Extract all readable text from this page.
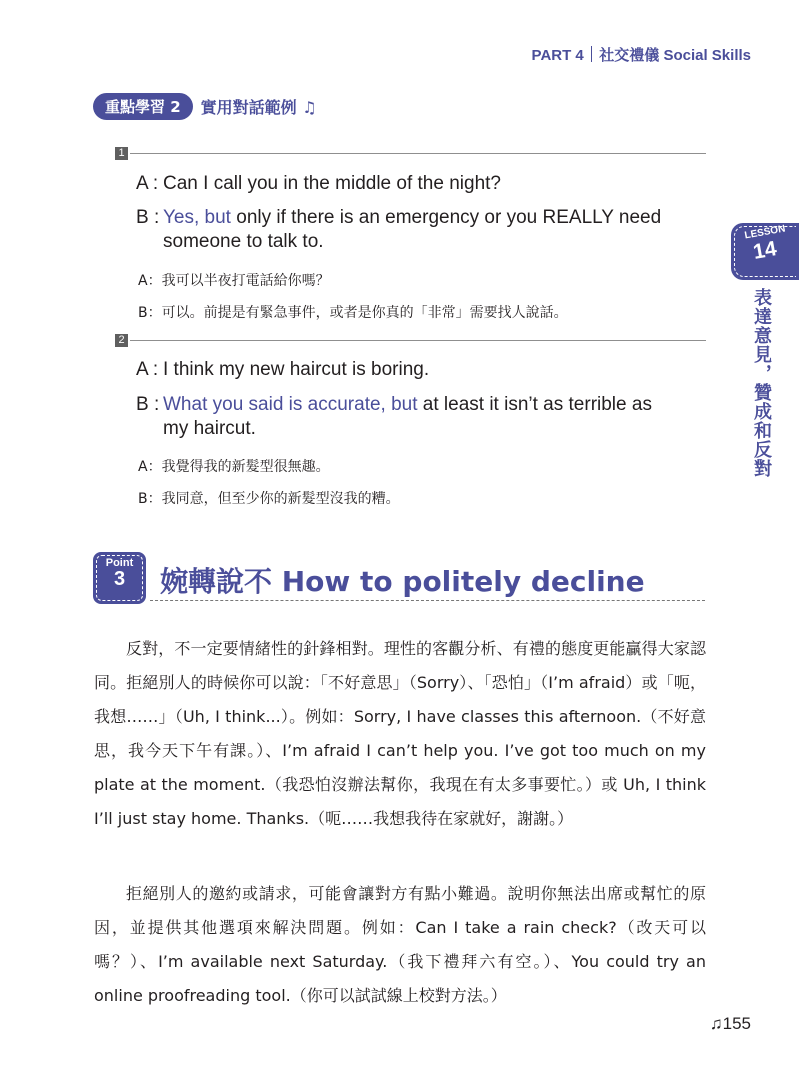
PART 4 社交禮儀 Social Skills
重點學習 2	實用對話範例 ♫
1
A : Can I call you in the middle of the night?
B : Yes, but only if there is an emergency or you REALLY need
someone to talk to.
A：我可以半夜打電話給你嗎？
B：可以。前提是有緊急事件，或者是你真的「非常」需要找人說話。
2
A : I think my new haircut is boring.
B : What you said is accurate, but at least it isn’t as terrible as
my haircut.
A：我覺得我的新髮型很無趣。
B：我同意，但至少你的新髮型沒我的糟。
LESSON
14
表達意見，贊成和反對
Point
3	婉轉說不 How to politely decline

反對，不一定要情緒性的針鋒相對。理性的客觀分析、有禮的態度更能贏得大家認同。拒絕別人的時候你可以說：「不好意思」（Sorry）、「恐怕」（I’m afraid）或「呃，我想……」（Uh, I think...）。例如：Sorry, I have classes this afternoon.（不好意思，我今天下午有課。）、I’m afraid I can’t help you. I’ve got too much on my plate at the moment.（我恐怕沒辦法幫你，我現在有太多事要忙。）或 Uh, I think I’ll just stay home. Thanks.（呃……我想我待在家就好，謝謝。）

拒絕別人的邀約或請求，可能會讓對方有點小難過。說明你無法出席或幫忙的原因，並提供其他選項來解決問題。例如：Can I take a rain check?（改天可以嗎？）、I’m available next Saturday.（我下禮拜六有空。）、You could try an online proofreading tool.（你可以試試線上校對方法。）

♫155
